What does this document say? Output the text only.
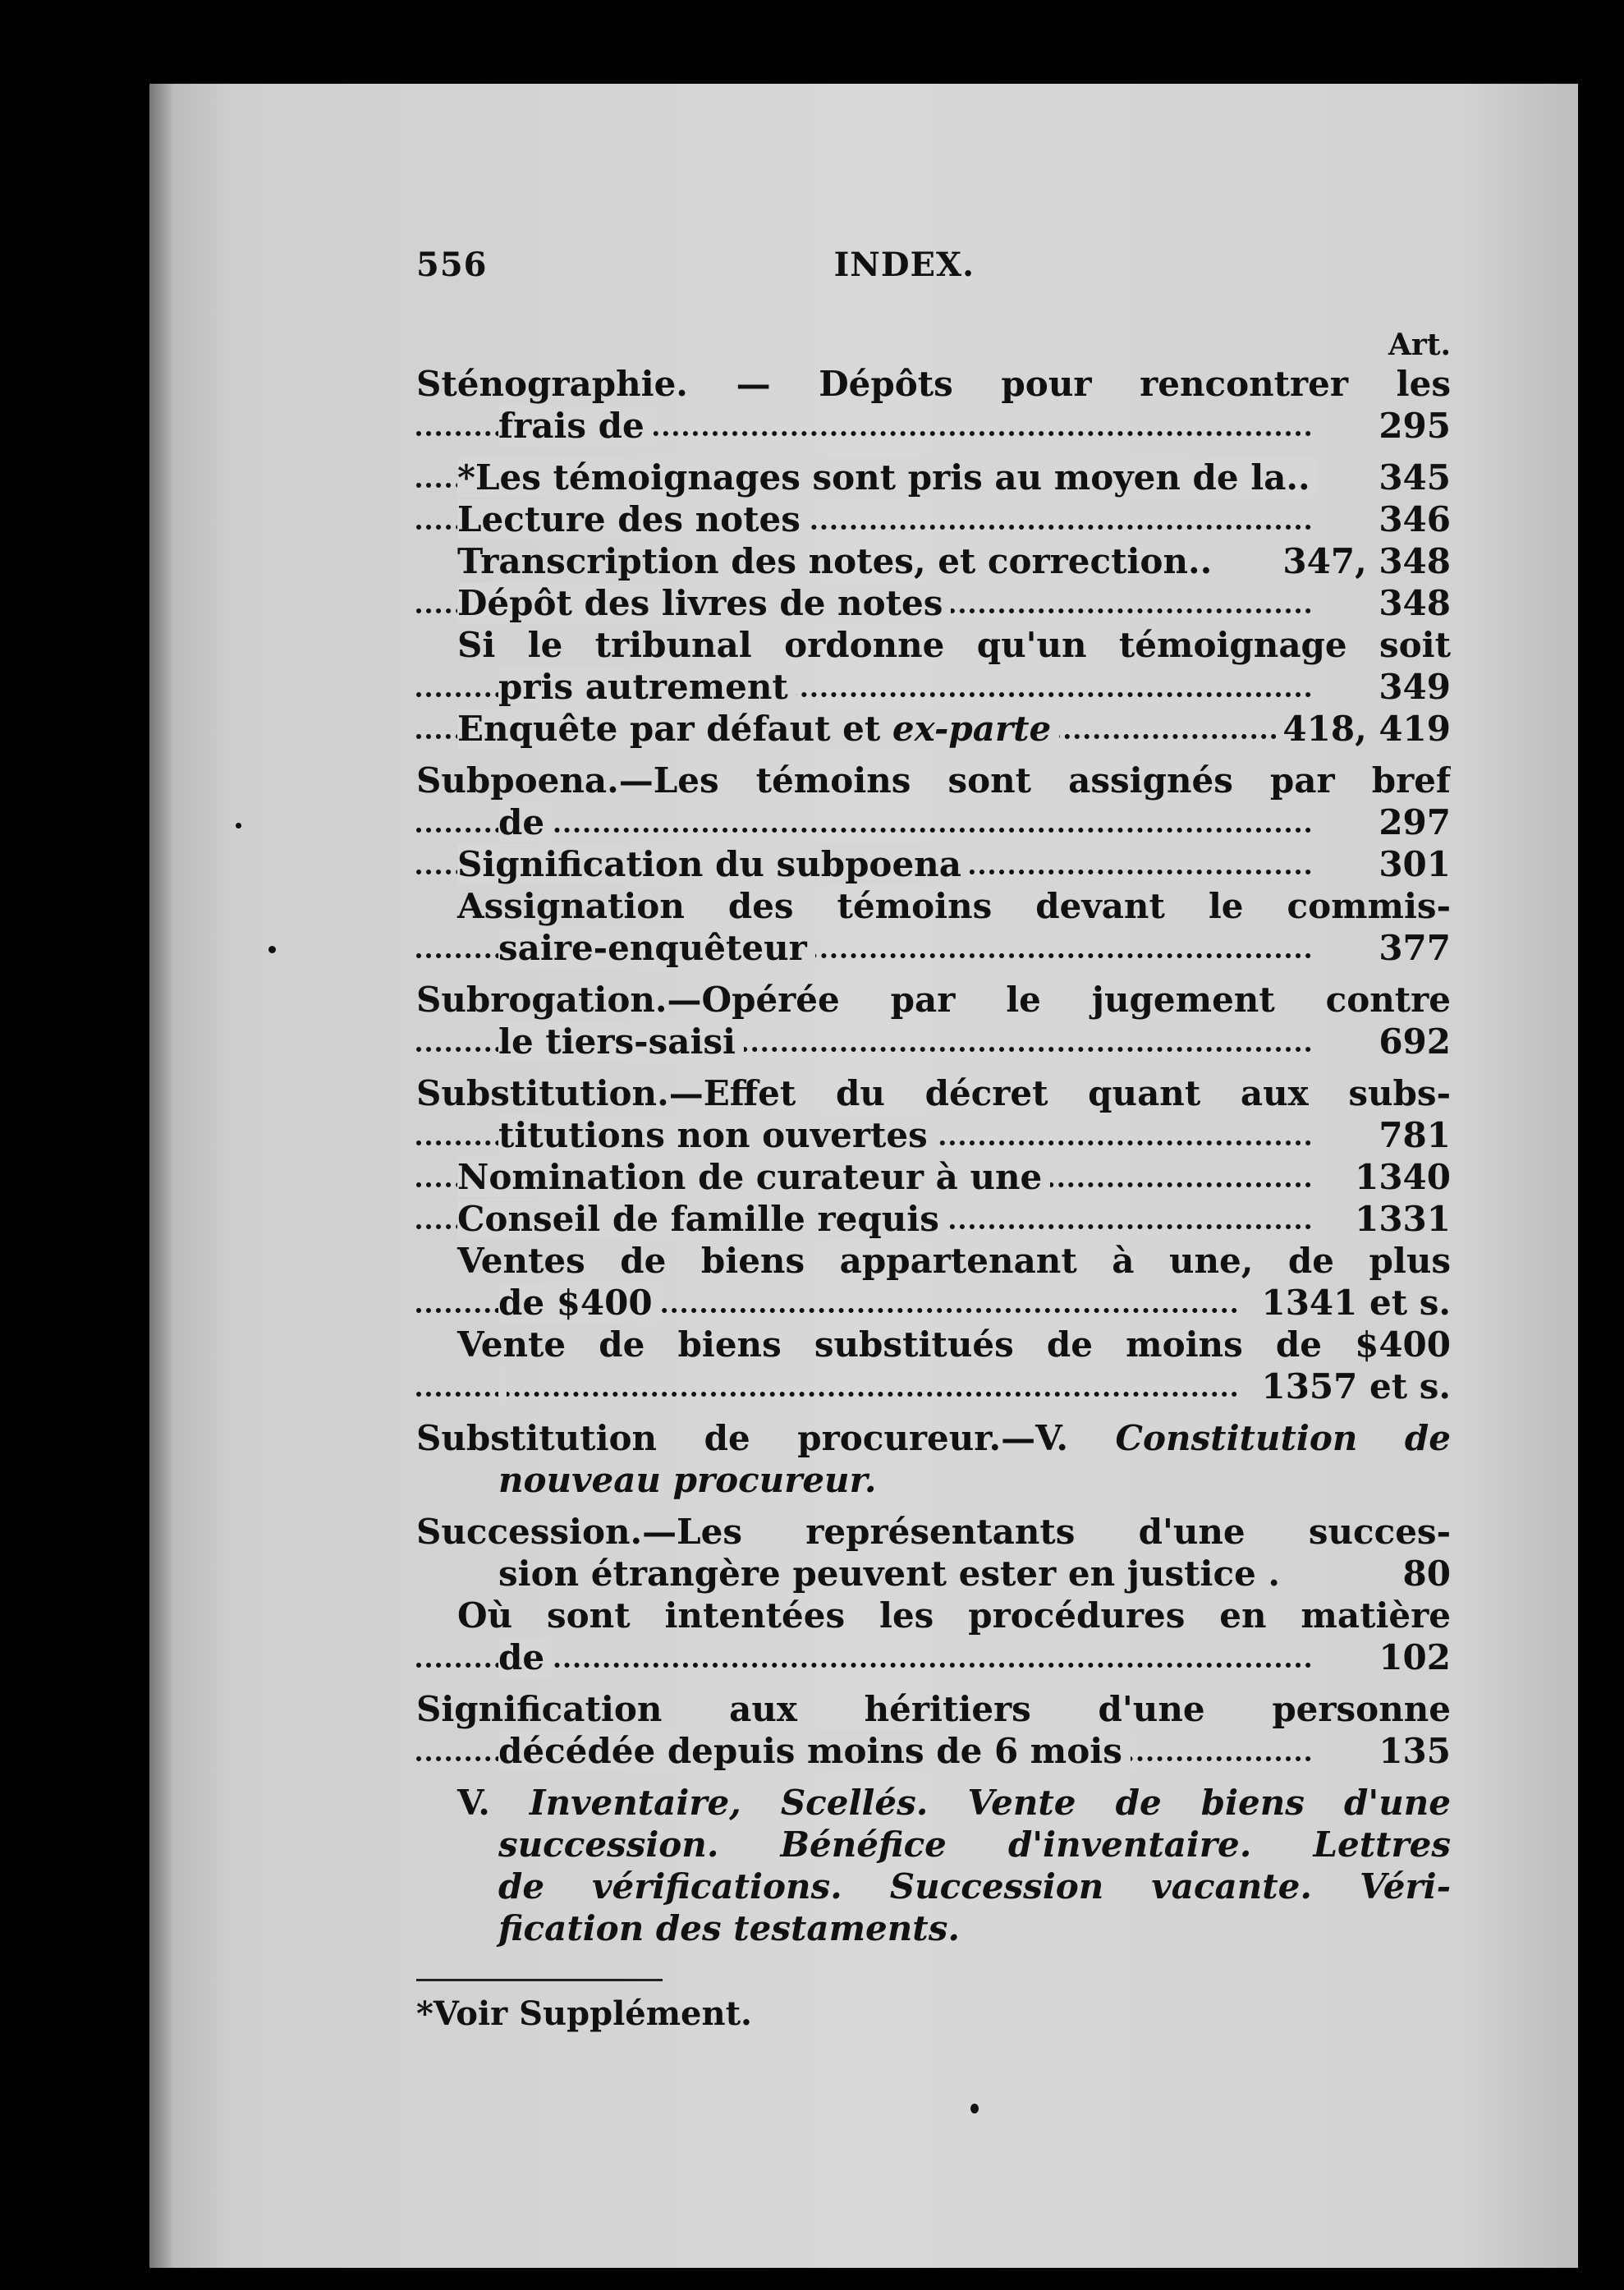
556	INDEX.
Art.
Sténographie. — Dépôts pour rencontrer les
frais de	295
*Les témoignages sont pris au moyen de la.. 345
Lecture des notes	346
Transcription des notes, et correction.. 347, 348
Dépôt des livres de notes	348
Si le tribunal ordonne qu'un témoignage soit
pris autrement	349
Enquête par défaut et ex-parte	418, 419
Subpoena.—Les témoins sont assignés par bref
de	297
Signification du subpoena	301
Assignation des témoins devant le commis-
saire-enquêteur	377
Subrogation.—Opérée par le jugement contre
le tiers-saisi	692
Substitution.—Effet du décret quant aux subs-
titutions non ouvertes	781
Nomination de curateur à une	1340
Conseil de famille requis	1331
Ventes de biens appartenant à une, de plus
de $400	1341 et s.
Vente de biens substitués de moins de $400
1357 et s.
Substitution de procureur.—V. Constitution de
nouveau procureur.
Succession.—Les représentants d'une succes-
sion étrangère peuvent ester en justice .	80
Où sont intentées les procédures en matière
de	102
Signification aux héritiers d'une personne
décédée depuis moins de 6 mois	135
V. Inventaire, Scellés. Vente de biens d'une
succession. Bénéfice d'inventaire. Lettres
de vérifications. Succession vacante. Véri-
fication des testaments.
*Voir Supplément.
